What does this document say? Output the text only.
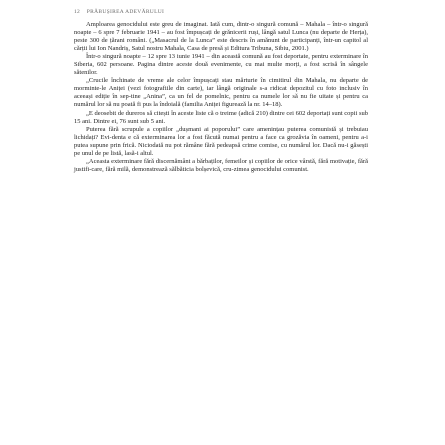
12 PRĂBUȘIREA ADEVĂRULUI

Amploarea genocidului este greu de imaginat. Iată cum, dintr-o singură comună – Mahala – într-o singură noapte – 6 spre 7 februarie 1941 – au fost împușcați de grănicerii ruși, lângă satul Lunca (nu departe de Herța), peste 300 de țărani români. („Masacrul de la Lunca” este descris în amănunt de participanți, într-un capitol al cărții lui Ion Nandriș, Satul nostru Mahala, Casa de presă și Editura Tribuna, Sibiu, 2001.)

Într-o singură noapte – 12 spre 13 iunie 1941 – din această comună au fost deportate, pentru exterminare în Siberia, 602 persoane. Pagina dintre aceste două evenimente, cu mai multe morți, a fost scrisă în sângele sătenilor.

„Crucile închinate de vreme ale celor împușcați stau mărturie în cimitirul din Mahala, nu departe de morminte-le Aniței (vezi fotografiile din carte), iar lângă originale s-a ridicat depozitul cu foto inclusiv în aceeași ediție în sep-tine „Anina”, ca un fel de pomelnic, pentru ca numele lor să nu fie uitate și pentru ca numărul lor să nu poată fi pus la îndoială (familia Aniței figurează la nr. 14–18).

„E deosebit de dureros să citești în aceste liste că o treime (adică 210) dintre cei 602 deportați sunt copii sub 15 ani. Dintre ei, 76 sunt sub 5 ani.

Puterea fără scrupule a copiilor „dușmani ai poporului” care amenințau puterea comunistă și trebuiau lichidați? Evi-denta e că exterminarea lor a fost făcută numai pentru a face ca grozăvia în oameni, pentru a-i putea supune prin frică. Niciodată nu pot rămâne fără pedeapsă crime comise, cu numărul lor. Dacă nu-i găsești pe unul de pe listă, lasă-i altul.

„Aceasta exterminare fără discernământ a bărbaților, femeilor și copiilor de orice vârstă, fără motivație, fără justifi-care, fără milă, demonstrează sălbăticia bolșevică, cru-zimea genocidului comunist.
